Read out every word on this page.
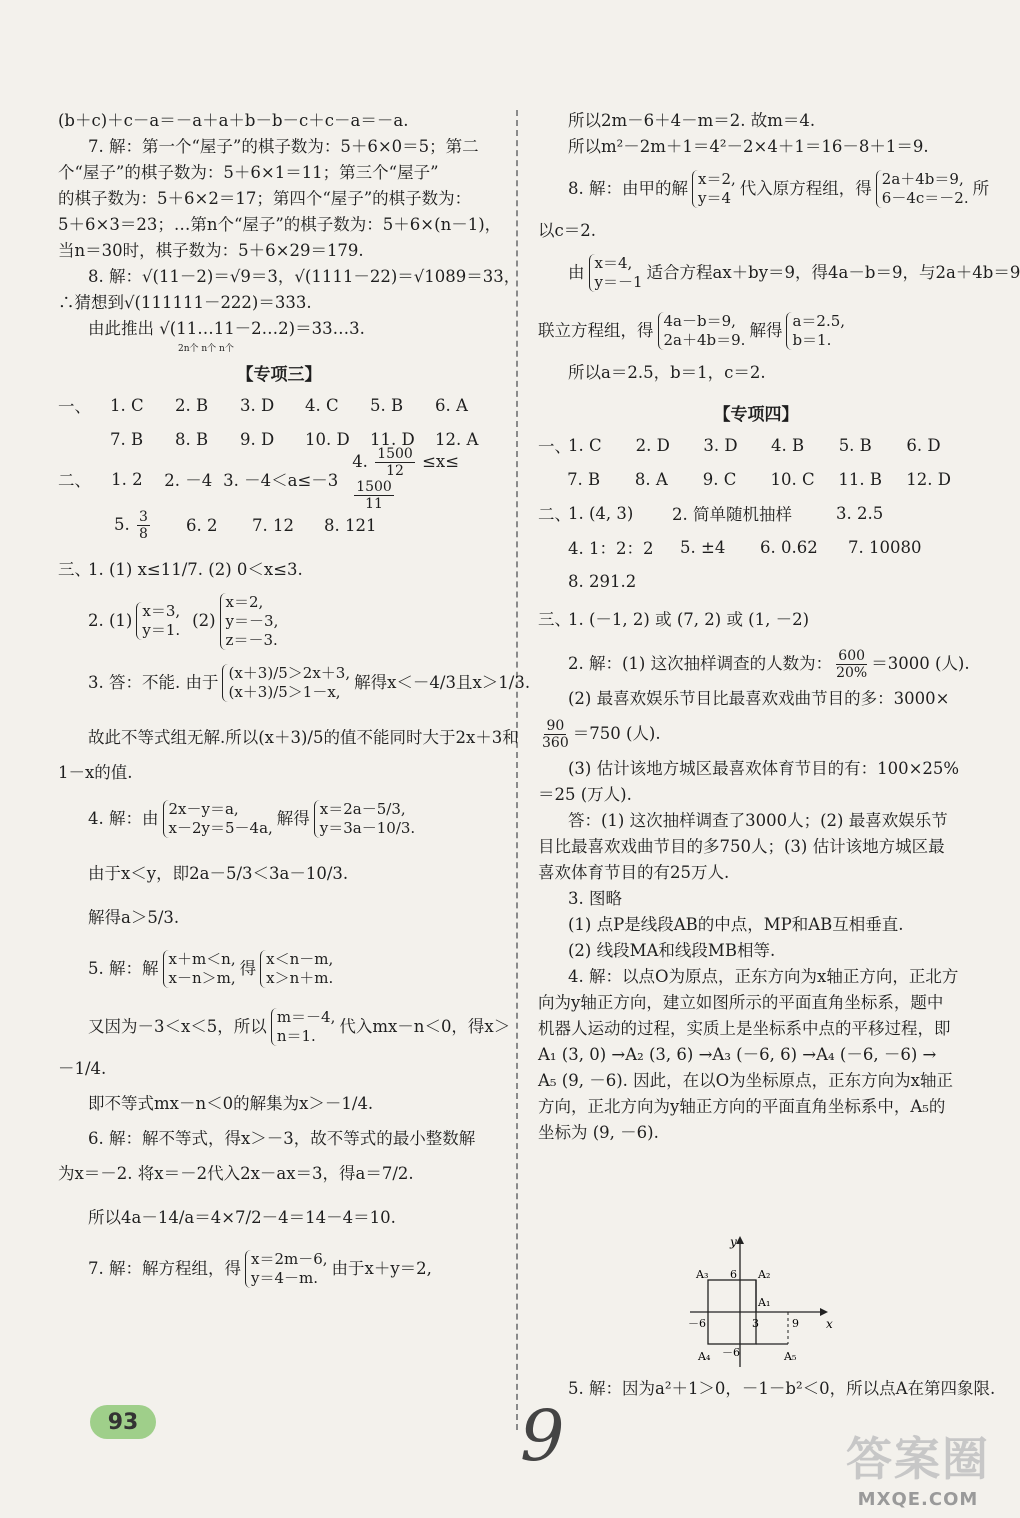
(b＋c)＋c－a＝－a＋a＋b－b－c＋c－a＝－a.
7. 解：第一个“屋子”的棋子数为：5＋6×0＝5；第二
个“屋子”的棋子数为：5＋6×1＝11；第三个“屋子”
的棋子数为：5＋6×2＝17；第四个“屋子”的棋子数为：
5＋6×3＝23；…第n个“屋子”的棋子数为：5＋6×(n－1)，
当n＝30时，棋子数为：5＋6×29＝179.
8. 解：√(11－2)＝√9＝3，√(1111－22)＝√1089＝33，
∴猜想到√(111111－222)＝333.
由此推出 √(11…11－2…2)＝33…3.
2n个 n个 n个
【专项三】
一、	1. C	2. B	3. D	4. C	5. B	6. A
7. B	8. B	9. D	10. D	11. D	12. A
二、	1. 2	2. －4 3. －4＜a≤－3
4. $\frac{1500}{12} \le x\le$
$\frac{1500}{11}$
5. $\frac{3}{8} 6$. 2	7. 12	8. 121
三、
1. (1) x≤11/7. (2) 0＜x≤3.
2. (1) x＝3,
y＝1. (2)
x＝2,
y＝－3,
z＝－3.
3. 答：不能. 由于 (x＋3)/5＞2x＋3,
(x＋3)/5＞1－x, 解得x＜－4/3且x＞1/3.
故此不等式组无解.所以(x＋3)/5的值不能同时大于2x＋3和
1－x的值.
4. 解：由 2x－y＝a,
x－2y＝5－4a, 解得 x＝2a－5/3,
y＝3a－10/3.
由于x＜y，即2a－5/3＜3a－10/3.
解得a＞5/3.
5. 解：解 x＋m＜n,
x－n＞m, 得 x＜n－m,
x＞n＋m.
又因为－3＜x＜5，所以 m＝－4,
n＝1.	代入mx－n＜0，得x＞
－1/4.
即不等式mx－n＜0的解集为x＞－1/4.
6. 解：解不等式，得x＞－3，故不等式的最小整数解
为x＝－2. 将x＝－2代入2x－ax＝3，得a＝7/2.
所以4a－14/a＝4×7/2－4＝14－4＝10.
7. 解：解方程组，得 x＝2m－6,
y＝4－m. 由于x＋y＝2,
所以2m－6＋4－m＝2. 故m＝4.
所以m²－2m＋1＝4²－2×4＋1＝16－8＋1＝9.
8. 解：由甲的解 x＝2,
y＝4 代入原方程组，得 2a＋4b＝9,
6－4c＝－2. 所
以c＝2.
由 x＝4,
y＝－1 适合方程ax＋by＝9，得4a－b＝9，与2a＋4b＝9
联立方程组，得 4a－b＝9,
2a＋4b＝9. 解得 a＝2.5,
b＝1.
所以a＝2.5，b＝1，c＝2.
【专项四】
一、
1. C	2. D	3. D	4. B	5. B	6. D
7. B	8. A	9. C	10. C	11. B	12. D
二、
1. (4, 3)	2. 简单随机抽样	3. 2.5
4. 1：2：2	5. ±4	6. 0.62	7. 10080
8. 291.2
三、
1. (－1, 2) 或 (7, 2) 或 (1, －2)
2. 解：(1) 这次抽样调查的人数为： $\frac{600}{20\%} =3000$ (人).
(2) 最喜欢娱乐节目比最喜欢戏曲节目的多：3000×
$\frac{90}{360} =750$ (人).
(3) 估计该地方城区最喜欢体育节目的有：100×25%
＝25 (万人).
答：(1) 这次抽样调查了3000人；(2) 最喜欢娱乐节
目比最喜欢戏曲节目的多750人；(3) 估计该地方城区最
喜欢体育节目的有25万人.
3. 图略
(1) 点P是线段AB的中点，MP和AB互相垂直.
(2) 线段MA和线段MB相等.
4. 解：以点O为原点，正东方向为x轴正方向，正北方
向为y轴正方向，建立如图所示的平面直角坐标系，题中
机器人运动的过程，实质上是坐标系中点的平移过程，即
A₁ (3, 0) →A₂ (3, 6) →A₃ (－6, 6) →A₄ (－6, －6) →
A₅ (9, －6). 因此，在以O为坐标原点，正东方向为x轴正
方向，正北方向为y轴正方向的平面直角坐标系中，A₅的
坐标为 (9, －6).
y
x
A₃ 6 A₂
A₁
－6	3	9
A₄ －6	A₅
5. 解：因为a²＋1＞0，－1－b²＜0，所以点A在第四象限.
93	9	答案圈
MXQE.COM
